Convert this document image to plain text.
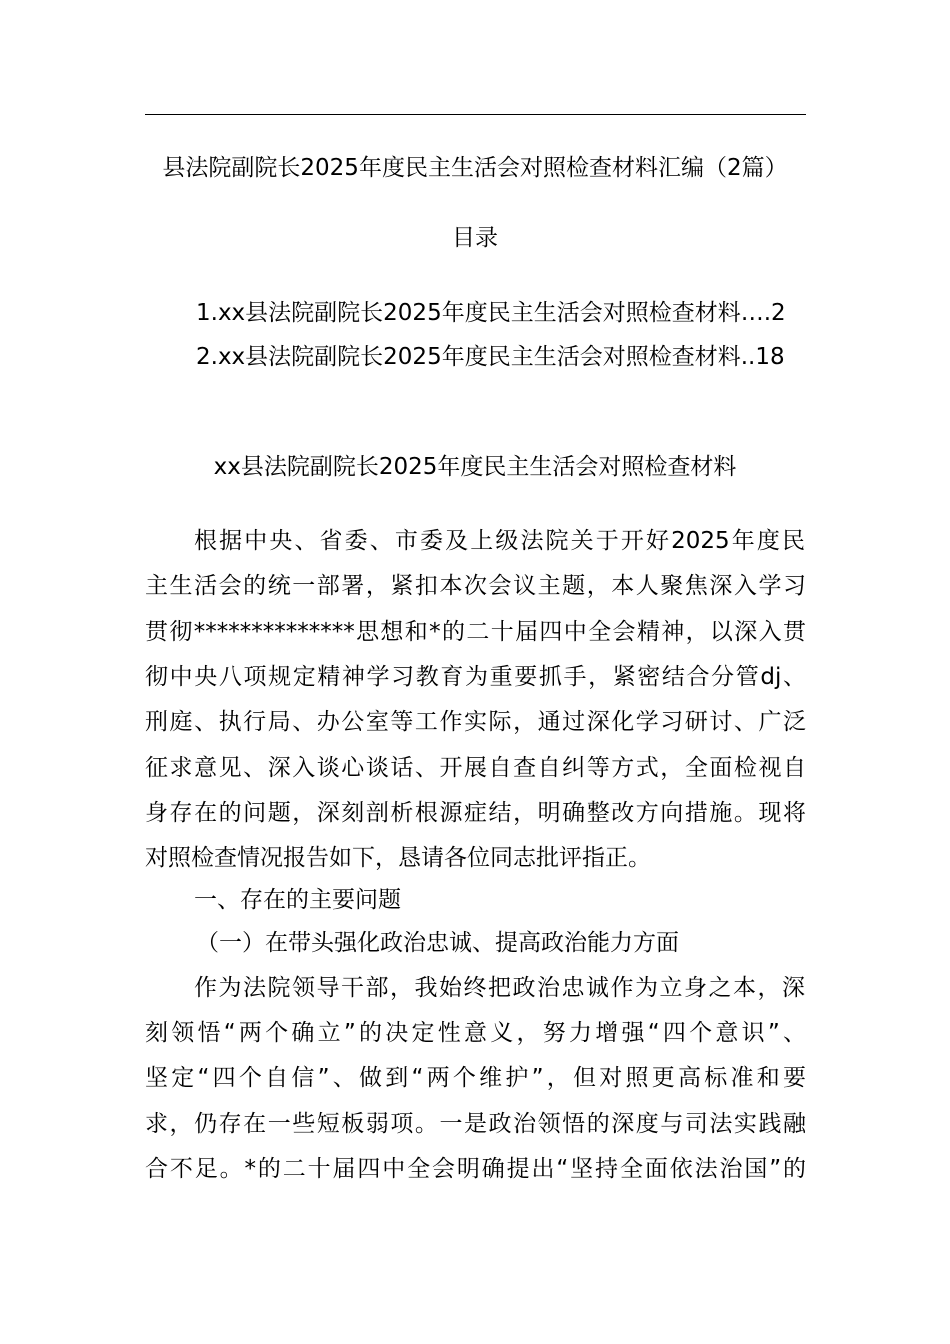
县法院副院长2025年度民主生活会对照检查材料汇编（2篇）
目录
1.xx县法院副院长2025年度民主生活会对照检查材料….2
2.xx县法院副院长2025年度民主生活会对照检查材料..18
xx县法院副院长2025年度民主生活会对照检查材料
根据中央、省委、市委及上级法院关于开好2025年度民
主生活会的统一部署，紧扣本次会议主题，本人聚焦深入学习
贯彻**************思想和*的二十届四中全会精神，以深入贯
彻中央八项规定精神学习教育为重要抓手，紧密结合分管dj、
刑庭、执行局、办公室等工作实际，通过深化学习研讨、广泛
征求意见、深入谈心谈话、开展自查自纠等方式，全面检视自
身存在的问题，深刻剖析根源症结，明确整改方向措施。现将
对照检查情况报告如下，恳请各位同志批评指正。
一、存在的主要问题
（一）在带头强化政治忠诚、提高政治能力方面
作为法院领导干部，我始终把政治忠诚作为立身之本，深
刻领悟“两个确立”的决定性意义，努力增强“四个意识”、
坚定“四个自信”、做到“两个维护”，但对照更高标准和要
求，仍存在一些短板弱项。一是政治领悟的深度与司法实践融
合不足。*的二十届四中全会明确提出“坚持全面依法治国”的
